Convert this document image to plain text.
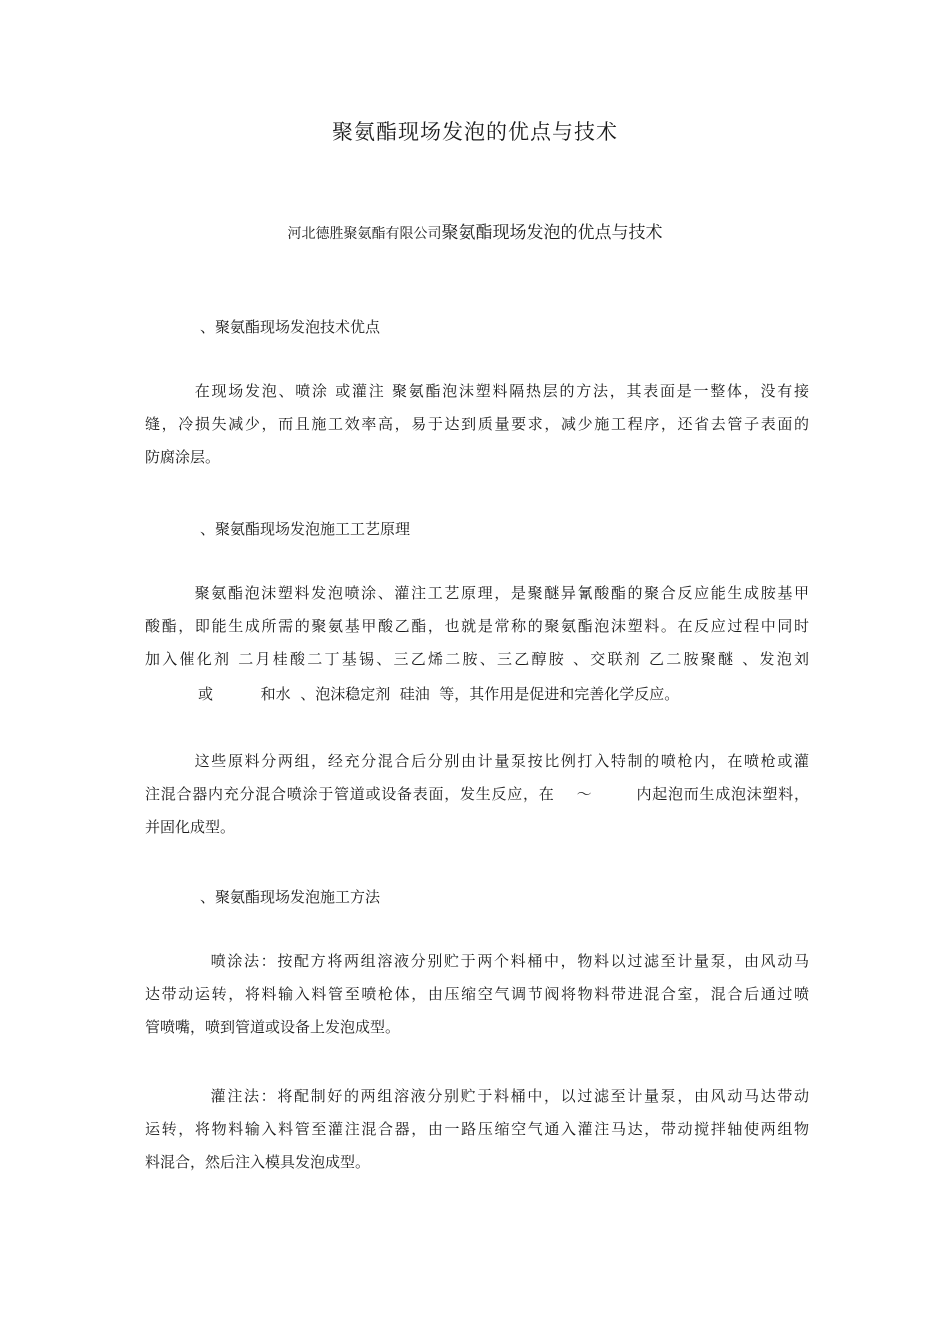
聚氨酯现场发泡的优点与技术
河北德胜聚氨酯有限公司聚氨酯现场发泡的优点与技术
、聚氨酯现场发泡技术优点
在现场发泡、喷涂 或灌注 聚氨酯泡沫塑料隔热层的方法，其表面是一整体，没有接
缝，冷损失减少，而且施工效率高，易于达到质量要求，减少施工程序，还省去管子表面的
防腐涂层。
、聚氨酯现场发泡施工工艺原理
聚氨酯泡沫塑料发泡喷涂、灌注工艺原理，是聚醚异氰酸酯的聚合反应能生成胺基甲
酸酯，即能生成所需的聚氨基甲酸乙酯，也就是常称的聚氨酯泡沫塑料。在反应过程中同时
加入催化剂 二月桂酸二丁基锡、三乙烯二胺、三乙醇胺 、交联剂 乙二胺聚醚 、发泡刘
或          和水  、泡沫稳定剂  硅油  等，其作用是促进和完善化学反应。
这些原料分两组，经充分混合后分别由计量泵按比例打入特制的喷枪内，在喷枪或灌
注混合器内充分混合喷涂于管道或设备表面，发生反应，在    ～        内起泡而生成泡沫塑料，
并固化成型。
、聚氨酯现场发泡施工方法
喷涂法：按配方将两组溶液分别贮于两个料桶中，物料以过滤至计量泵，由风动马
达带动运转，将料输入料管至喷枪体，由压缩空气调节阀将物料带进混合室，混合后通过喷
管喷嘴，喷到管道或设备上发泡成型。
灌注法：将配制好的两组溶液分别贮于料桶中，以过滤至计量泵，由风动马达带动
运转，将物料输入料管至灌注混合器，由一路压缩空气通入灌注马达，带动搅拌轴使两组物
料混合，然后注入模具发泡成型。
